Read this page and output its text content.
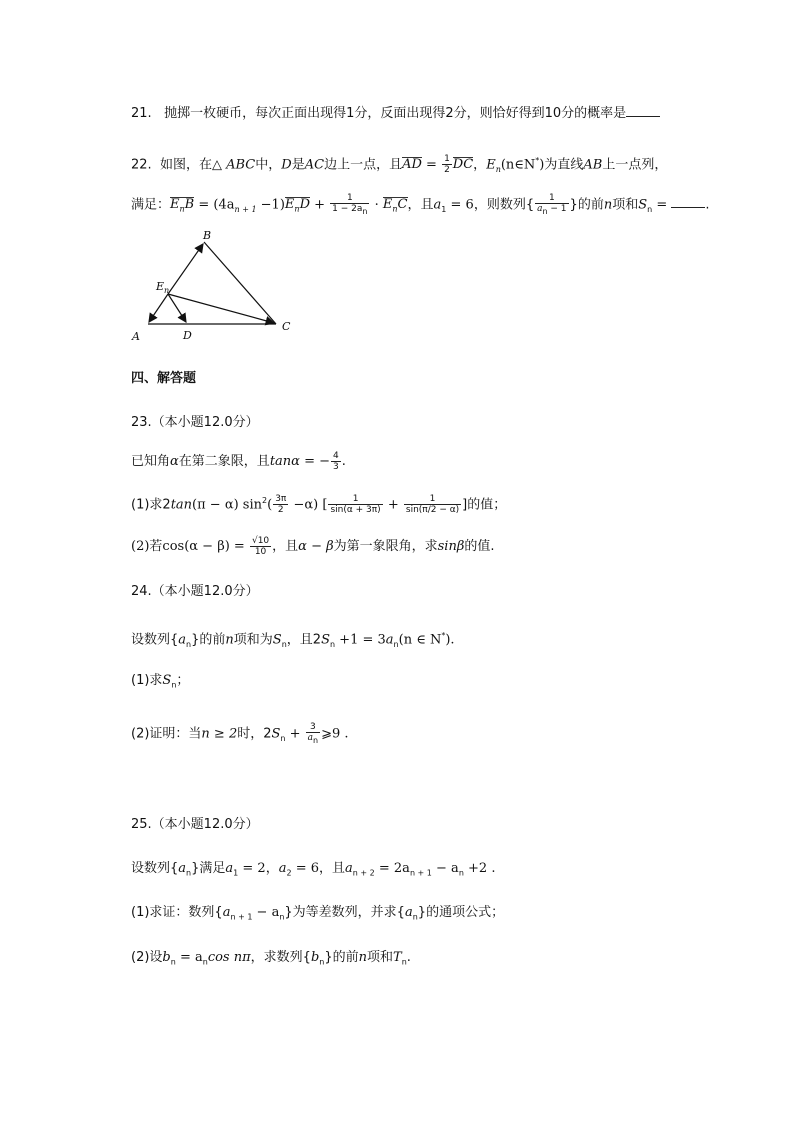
21. 抛掷一枚硬币，每次正面出现得1分，反面出现得2分，则恰好得到10分的概率是
22. 如图，在△ ABC中，D是AC边上一点，且AD = $\frac{1}{2}$ DC，$E_n(n\in N^*)$为直线AB上一点列，
满足：$E_nB = (4a_{n + 1} -1)E_nD + \frac{1}{1 - 2a_n} \cdot E_nC$，且$a_1 = 6$，则数列{ $\frac{1}{a_n - 1}$ }的前n项和$S_n$ =	.
B
A	D
C
$E_n$
四、解答题
23.（本小题12.0分）
已知角α在第二象限，且tanα = − $\frac{4}{3}$ .
(1)求2tan(π − α) $\sin^2( \frac{3\pi}{2} -\alpha)$ [ $\frac{1}{\sin(\alpha + 3\pi)} + \frac{1}{\sin(\pi/2 - \alpha)}$ ]的值；
(2)若$\cos(\alpha - \beta) = \frac{√10}{10}$ ，且α − β为第一象限角，求sinβ的值.
24.（本小题12.0分）
设数列$\{a_n\}$的前n项和为$S_n$，且$2S_n +1 = 3a_n(n$ ∈ N*).
(1)求$S_n$；
(2)证明：当n ≥ 2时，$2S_n + \frac{3}{a_n}$ ⩾9 .
25.（本小题12.0分）
设数列$\{a_n\}$满足$a_1 = 2$，$a_2 = 6$，且$a_{n + 2} = 2a_{n + 1} - a_n +2$ .
(1)求证：数列$\{a_{n + 1} - a_n\}$为等差数列，并求$\{a_n\}$的通项公式；
(2)设$b_n = a_n\cos$ nπ，求数列$\{b_n\}$的前n项和$T_n$.
